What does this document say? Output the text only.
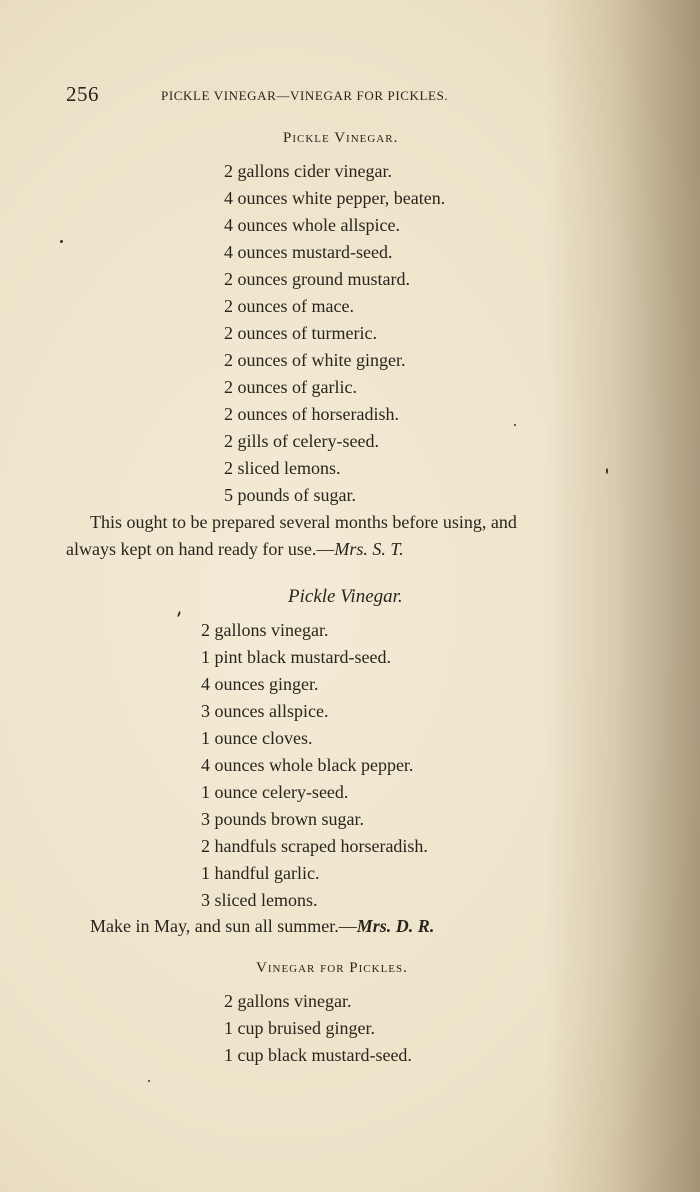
256	PICKLE VINEGAR—VINEGAR FOR PICKLES.
Pickle Vinegar.
2 gallons cider vinegar.
4 ounces white pepper, beaten.
4 ounces whole allspice.
4 ounces mustard-seed.
2 ounces ground mustard.
2 ounces of mace.
2 ounces of turmeric.
2 ounces of white ginger.
2 ounces of garlic.
2 ounces of horseradish.
2 gills of celery-seed.
2 sliced lemons.
5 pounds of sugar.
This ought to be prepared several months before using, and
always kept on hand ready for use.—Mrs. S. T.
Pickle Vinegar.
2 gallons vinegar.
1 pint black mustard-seed.
4 ounces ginger.
3 ounces allspice.
1 ounce cloves.
4 ounces whole black pepper.
1 ounce celery-seed.
3 pounds brown sugar.
2 handfuls scraped horseradish.
1 handful garlic.
3 sliced lemons.
Make in May, and sun all summer.—Mrs. D. R.
Vinegar for Pickles.
2 gallons vinegar.
1 cup bruised ginger.
1 cup black mustard-seed.
